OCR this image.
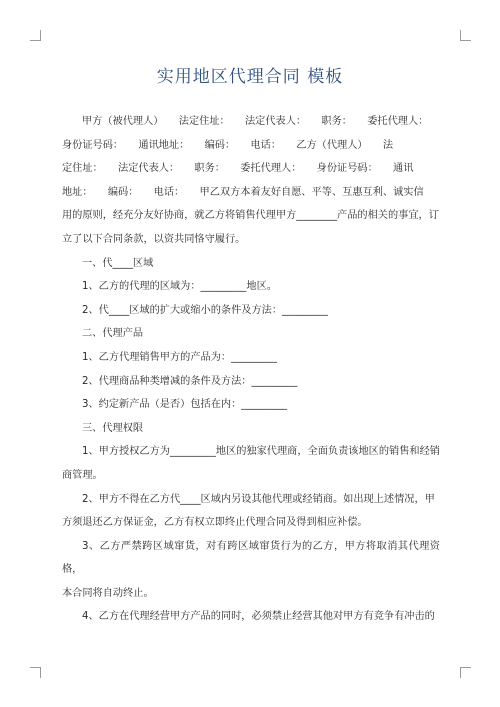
实用地区代理合同 模板

甲方（被代理人）　　法定住址：　　法定代表人：　　职务：　　委托代理人：

身份证号码：　　通讯地址：　　编码：　　电话：　　乙方（代理人）　　法

定住址：　　法定代表人：　　职务：　　委托代理人：　　身份证号码：　　通讯

地址：　　编码：　　电话：　　甲乙双方本着友好自愿、平等、互惠互利、诚实信

用的原则，经充分友好协商，就乙方将销售代理甲方________产品的相关的事宜，订

立了以下合同条款，以资共同恪守履行。

一、代____区域

1、乙方的代理的区域为：_________地区。

2、代____区域的扩大或缩小的条件及方法：_________

二、代理产品

1、乙方代理销售甲方的产品为：_________

2、代理商品种类增减的条件及方法：_________

3、约定新产品（是否）包括在内：_________

三、代理权限

1、甲方授权乙方为_________地区的独家代理商，全面负责该地区的销售和经销

商管理。

2、甲方不得在乙方代____区域内另设其他代理或经销商。如出现上述情况，甲

方须退还乙方保证金，乙方有权立即终止代理合同及得到相应补偿。

3、乙方严禁跨区域窜货，对有跨区域窜货行为的乙方，甲方将取消其代理资格，

本合同将自动终止。

4、乙方在代理经营甲方产品的同时，必须禁止经营其他对甲方有竞争有冲击的
